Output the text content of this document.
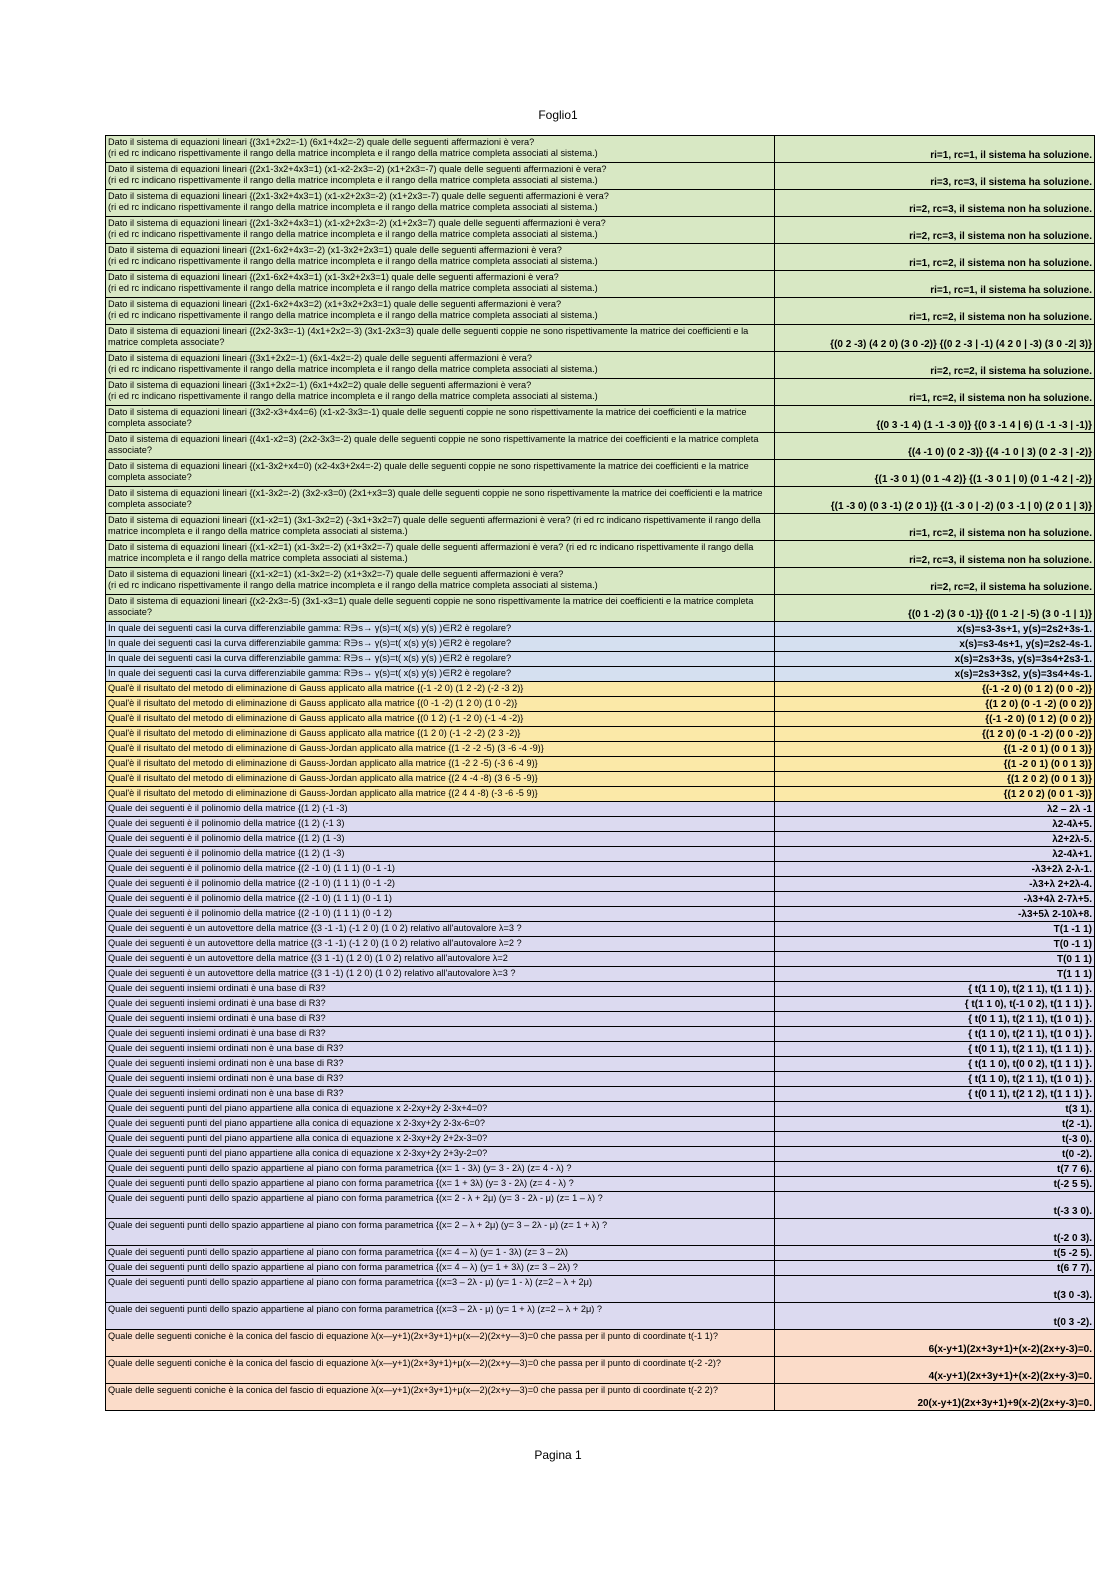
Foglio1
Dato il sistema di equazioni lineari {(3x1+2x2=-1) (6x1+4x2=-2) quale delle seguenti affermazioni è vera?
(ri ed rc indicano rispettivamente il rango della matrice incompleta e il rango della matrice completa associati al sistema.)	ri=1, rc=1, il sistema ha soluzione.
Dato il sistema di equazioni lineari {(2x1-3x2+4x3=1) (x1-x2-2x3=-2) (x1+2x3=-7) quale delle seguenti affermazioni è vera?
(ri ed rc indicano rispettivamente il rango della matrice incompleta e il rango della matrice completa associati al sistema.)	ri=3, rc=3, il sistema ha soluzione.
Dato il sistema di equazioni lineari {(2x1-3x2+4x3=1) (x1-x2+2x3=-2) (x1+2x3=-7) quale delle seguenti affermazioni è vera?
(ri ed rc indicano rispettivamente il rango della matrice incompleta e il rango della matrice completa associati al sistema.)	ri=2, rc=3, il sistema non ha soluzione.
Dato il sistema di equazioni lineari {(2x1-3x2+4x3=1) (x1-x2+2x3=-2) (x1+2x3=7) quale delle seguenti affermazioni è vera?
(ri ed rc indicano rispettivamente il rango della matrice incompleta e il rango della matrice completa associati al sistema.)	ri=2, rc=3, il sistema non ha soluzione.
Dato il sistema di equazioni lineari {(2x1-6x2+4x3=-2) (x1-3x2+2x3=1) quale delle seguenti affermazioni è vera?
(ri ed rc indicano rispettivamente il rango della matrice incompleta e il rango della matrice completa associati al sistema.)	ri=1, rc=2, il sistema non ha soluzione.
Dato il sistema di equazioni lineari {(2x1-6x2+4x3=1) (x1-3x2+2x3=1) quale delle seguenti affermazioni è vera?
(ri ed rc indicano rispettivamente il rango della matrice incompleta e il rango della matrice completa associati al sistema.)	ri=1, rc=1, il sistema ha soluzione.
Dato il sistema di equazioni lineari {(2x1-6x2+4x3=2) (x1+3x2+2x3=1) quale delle seguenti affermazioni è vera?
(ri ed rc indicano rispettivamente il rango della matrice incompleta e il rango della matrice completa associati al sistema.)	ri=1, rc=2, il sistema non ha soluzione.
Dato il sistema di equazioni lineari {(2x2-3x3=-1) (4x1+2x2=-3) (3x1-2x3=3) quale delle seguenti coppie ne sono rispettivamente la matrice dei coefficienti e la matrice completa associate?	{(0 2 -3) (4 2 0) (3 0 -2)} {(0 2 -3 | -1) (4 2 0 | -3) (3 0 -2| 3)}
Dato il sistema di equazioni lineari {(3x1+2x2=-1) (6x1-4x2=-2) quale delle seguenti affermazioni è vera?
(ri ed rc indicano rispettivamente il rango della matrice incompleta e il rango della matrice completa associati al sistema.)	ri=2, rc=2, il sistema ha soluzione.
Dato il sistema di equazioni lineari {(3x1+2x2=-1) (6x1+4x2=2) quale delle seguenti affermazioni è vera?
(ri ed rc indicano rispettivamente il rango della matrice incompleta e il rango della matrice completa associati al sistema.)	ri=1, rc=2, il sistema non ha soluzione.
Dato il sistema di equazioni lineari {(3x2-x3+4x4=6) (x1-x2-3x3=-1) quale delle seguenti coppie ne sono rispettivamente la matrice dei coefficienti e la matrice completa associate?	{(0 3 -1 4) (1 -1 -3 0)} {(0 3 -1 4 | 6) (1 -1 -3 | -1)}
Dato il sistema di equazioni lineari {(4x1-x2=3) (2x2-3x3=-2) quale delle seguenti coppie ne sono rispettivamente la matrice dei coefficienti e la matrice completa associate?	{(4 -1 0) (0 2 -3)} {(4 -1 0 | 3) (0 2 -3 | -2)}
Dato il sistema di equazioni lineari {(x1-3x2+x4=0) (x2-4x3+2x4=-2) quale delle seguenti coppie ne sono rispettivamente la matrice dei coefficienti e la matrice completa associate?	{(1 -3 0 1) (0 1 -4 2)} {(1 -3 0 1 | 0) (0 1 -4 2 | -2)}
Dato il sistema di equazioni lineari {(x1-3x2=-2) (3x2-x3=0) (2x1+x3=3) quale delle seguenti coppie ne sono rispettivamente la matrice dei coefficienti e la matrice completa associate?	{(1 -3 0) (0 3 -1) (2 0 1)} {(1 -3 0 | -2) (0 3 -1 | 0) (2 0 1 | 3)}
Dato il sistema di equazioni lineari {(x1-x2=1) (3x1-3x2=2) (-3x1+3x2=7) quale delle seguenti affermazioni è vera? (ri ed rc indicano rispettivamente il rango della matrice incompleta e il rango della matrice completa associati al sistema.)	ri=1, rc=2, il sistema non ha soluzione.
Dato il sistema di equazioni lineari {(x1-x2=1) (x1-3x2=-2) (x1+3x2=-7) quale delle seguenti affermazioni è vera? (ri ed rc indicano rispettivamente il rango della matrice incompleta e il rango della matrice completa associati al sistema.)	ri=2, rc=3, il sistema non ha soluzione.
Dato il sistema di equazioni lineari {(x1-x2=1) (x1-3x2=-2) (x1+3x2=-7) quale delle seguenti affermazioni è vera?
(ri ed rc indicano rispettivamente il rango della matrice incompleta e il rango della matrice completa associati al sistema.)	ri=2, rc=2, il sistema ha soluzione.
Dato il sistema di equazioni lineari {(x2-2x3=-5) (3x1-x3=1) quale delle seguenti coppie ne sono rispettivamente la matrice dei coefficienti e la matrice completa associate?	{(0 1 -2) (3 0 -1)} {(0 1 -2 | -5) (3 0 -1 | 1)}
In quale dei seguenti casi la curva differenziabile gamma: R∋s→ γ(s)=t( x(s) y(s) )∈R2 è regolare?	x(s)=s3-3s+1, y(s)=2s2+3s-1.
In quale dei seguenti casi la curva differenziabile gamma: R∋s→ γ(s)=t( x(s) y(s) )∈R2 è regolare?	x(s)=s3-4s+1, y(s)=2s2-4s-1.
In quale dei seguenti casi la curva differenziabile gamma: R∋s→ γ(s)=t( x(s) y(s) )∈R2 è regolare?	x(s)=2s3+3s, y(s)=3s4+2s3-1.
In quale dei seguenti casi la curva differenziabile gamma: R∋s→ γ(s)=t( x(s) y(s) )∈R2 è regolare?	x(s)=2s3+3s2, y(s)=3s4+4s-1.
Qual'è il risultato del metodo di eliminazione di Gauss applicato alla matrice {(-1 -2 0) (1 2 -2) (-2 -3 2)}	{(-1 -2 0) (0 1 2) (0 0 -2)}
Qual'è il risultato del metodo di eliminazione di Gauss applicato alla matrice {(0 -1 -2) (1 2 0) (1 0 -2)}	{(1 2 0) (0 -1 -2) (0 0 2)}
Qual'è il risultato del metodo di eliminazione di Gauss applicato alla matrice {(0 1 2) (-1 -2 0) (-1 -4 -2)}	{(-1 -2 0) (0 1 2) (0 0 2)}
Qual'è il risultato del metodo di eliminazione di Gauss applicato alla matrice {(1 2 0) (-1 -2 -2) (2 3 -2)}	{(1 2 0) (0 -1 -2) (0 0 -2)}
Qual'è il risultato del metodo di eliminazione di Gauss-Jordan applicato alla matrice {(1 -2 -2 -5) (3 -6 -4 -9)}	{(1 -2 0 1) (0 0 1 3)}
Qual'è il risultato del metodo di eliminazione di Gauss-Jordan applicato alla matrice {(1 -2 2 -5) (-3 6 -4 9)}	{(1 -2 0 1) (0 0 1 3)}
Qual'è il risultato del metodo di eliminazione di Gauss-Jordan applicato alla matrice {(2 4 -4 -8) (3 6 -5 -9)}	{(1 2 0 2) (0 0 1 3)}
Qual'è il risultato del metodo di eliminazione di Gauss-Jordan applicato alla matrice {(2 4 4 -8) (-3 -6 -5 9)}	{(1 2 0 2) (0 0 1 -3)}
Quale dei seguenti è il polinomio della matrice {(1 2) (-1 -3)	λ2 – 2λ -1
Quale dei seguenti è il polinomio della matrice {(1 2) (-1 3)	λ2-4λ+5.
Quale dei seguenti è il polinomio della matrice {(1 2) (1 -3)	λ2+2λ-5.
Quale dei seguenti è il polinomio della matrice {(1 2) (1 -3)	λ2-4λ+1.
Quale dei seguenti è il polinomio della matrice {(2 -1 0) (1 1 1) (0 -1 -1)	-λ3+2λ 2-λ-1.
Quale dei seguenti è il polinomio della matrice {(2 -1 0) (1 1 1) (0 -1 -2)	-λ3+λ 2+2λ-4.
Quale dei seguenti è il polinomio della matrice {(2 -1 0) (1 1 1) (0 -1 1)	-λ3+4λ 2-7λ+5.
Quale dei seguenti è il polinomio della matrice {(2 -1 0) (1 1 1) (0 -1 2)	-λ3+5λ 2-10λ+8.
Quale dei seguenti è un autovettore della matrice {(3 -1 -1) (-1 2 0) (1 0 2) relativo all'autovalore λ=3 ?	T(1 -1 1)
Quale dei seguenti è un autovettore della matrice {(3 -1 -1) (-1 2 0) (1 0 2) relativo all'autovalore λ=2 ?	T(0 -1 1)
Quale dei seguenti è un autovettore della matrice {(3 1 -1) (1 2 0) (1 0 2) relativo all'autovalore λ=2	T(0 1 1)
Quale dei seguenti è un autovettore della matrice {(3 1 -1) (1 2 0) (1 0 2) relativo all'autovalore λ=3 ?	T(1 1 1)
Quale dei seguenti insiemi ordinati è una base di R3?	{ t(1 1 0), t(2 1 1), t(1 1 1) }.
Quale dei seguenti insiemi ordinati è una base di R3?	{ t(1 1 0), t(-1 0 2), t(1 1 1) }.
Quale dei seguenti insiemi ordinati è una base di R3?	{ t(0 1 1), t(2 1 1), t(1 0 1) }.
Quale dei seguenti insiemi ordinati è una base di R3?	{ t(1 1 0), t(2 1 1), t(1 0 1) }.
Quale dei seguenti insiemi ordinati non è una base di R3?	{ t(0 1 1), t(2 1 1), t(1 1 1) }.
Quale dei seguenti insiemi ordinati non è una base di R3?	{ t(1 1 0), t(0 0 2), t(1 1 1) }.
Quale dei seguenti insiemi ordinati non è una base di R3?	{ t(1 1 0), t(2 1 1), t(1 0 1) }.
Quale dei seguenti insiemi ordinati non è una base di R3?	{ t(0 1 1), t(2 1 2), t(1 1 1) }.
Quale dei seguenti punti del piano appartiene alla conica di equazione x 2-2xy+2y 2-3x+4=0?	t(3 1).
Quale dei seguenti punti del piano appartiene alla conica di equazione x 2-3xy+2y 2-3x-6=0?	t(2 -1).
Quale dei seguenti punti del piano appartiene alla conica di equazione x 2-3xy+2y 2+2x-3=0?	t(-3 0).
Quale dei seguenti punti del piano appartiene alla conica di equazione x 2-3xy+2y 2+3y-2=0?	t(0 -2).
Quale dei seguenti punti dello spazio appartiene al piano con forma parametrica {(x= 1 - 3λ) (y= 3 - 2λ) (z= 4 - λ) ?	t(7 7 6).
Quale dei seguenti punti dello spazio appartiene al piano con forma parametrica {(x= 1 + 3λ) (y= 3 - 2λ) (z= 4 - λ) ?	t(-2 5 5).
Quale dei seguenti punti dello spazio appartiene al piano con forma parametrica {(x= 2 - λ + 2μ) (y= 3 - 2λ - μ) (z= 1 – λ) ?	t(-3 3 0).
Quale dei seguenti punti dello spazio appartiene al piano con forma parametrica {(x= 2 – λ + 2μ) (y= 3 – 2λ - μ) (z= 1 + λ) ?	t(-2 0 3).
Quale dei seguenti punti dello spazio appartiene al piano con forma parametrica {(x= 4 – λ) (y= 1 - 3λ) (z= 3 – 2λ)	t(5 -2 5).
Quale dei seguenti punti dello spazio appartiene al piano con forma parametrica {(x= 4 – λ) (y= 1 + 3λ) (z= 3 – 2λ) ?	t(6 7 7).
Quale dei seguenti punti dello spazio appartiene al piano con forma parametrica {(x=3 – 2λ - μ) (y= 1 - λ) (z=2 – λ + 2μ)	t(3 0 -3).
Quale dei seguenti punti dello spazio appartiene al piano con forma parametrica {(x=3 – 2λ - μ) (y= 1 + λ) (z=2 – λ + 2μ) ?	t(0 3 -2).
Quale delle seguenti coniche è la conica del fascio di equazione λ(x—y+1)(2x+3y+1)+μ(x—2)(2x+y—3)=0 che passa per il punto di coordinate t(-1 1)?	6(x-y+1)(2x+3y+1)+(x-2)(2x+y-3)=0.
Quale delle seguenti coniche è la conica del fascio di equazione λ(x—y+1)(2x+3y+1)+μ(x—2)(2x+y—3)=0 che passa per il punto di coordinate t(-2 -2)?	4(x-y+1)(2x+3y+1)+(x-2)(2x+y-3)=0.
Quale delle seguenti coniche è la conica del fascio di equazione λ(x—y+1)(2x+3y+1)+μ(x—2)(2x+y—3)=0 che passa per il punto di coordinate t(-2 2)?	20(x-y+1)(2x+3y+1)+9(x-2)(2x+y-3)=0.
Pagina 1
